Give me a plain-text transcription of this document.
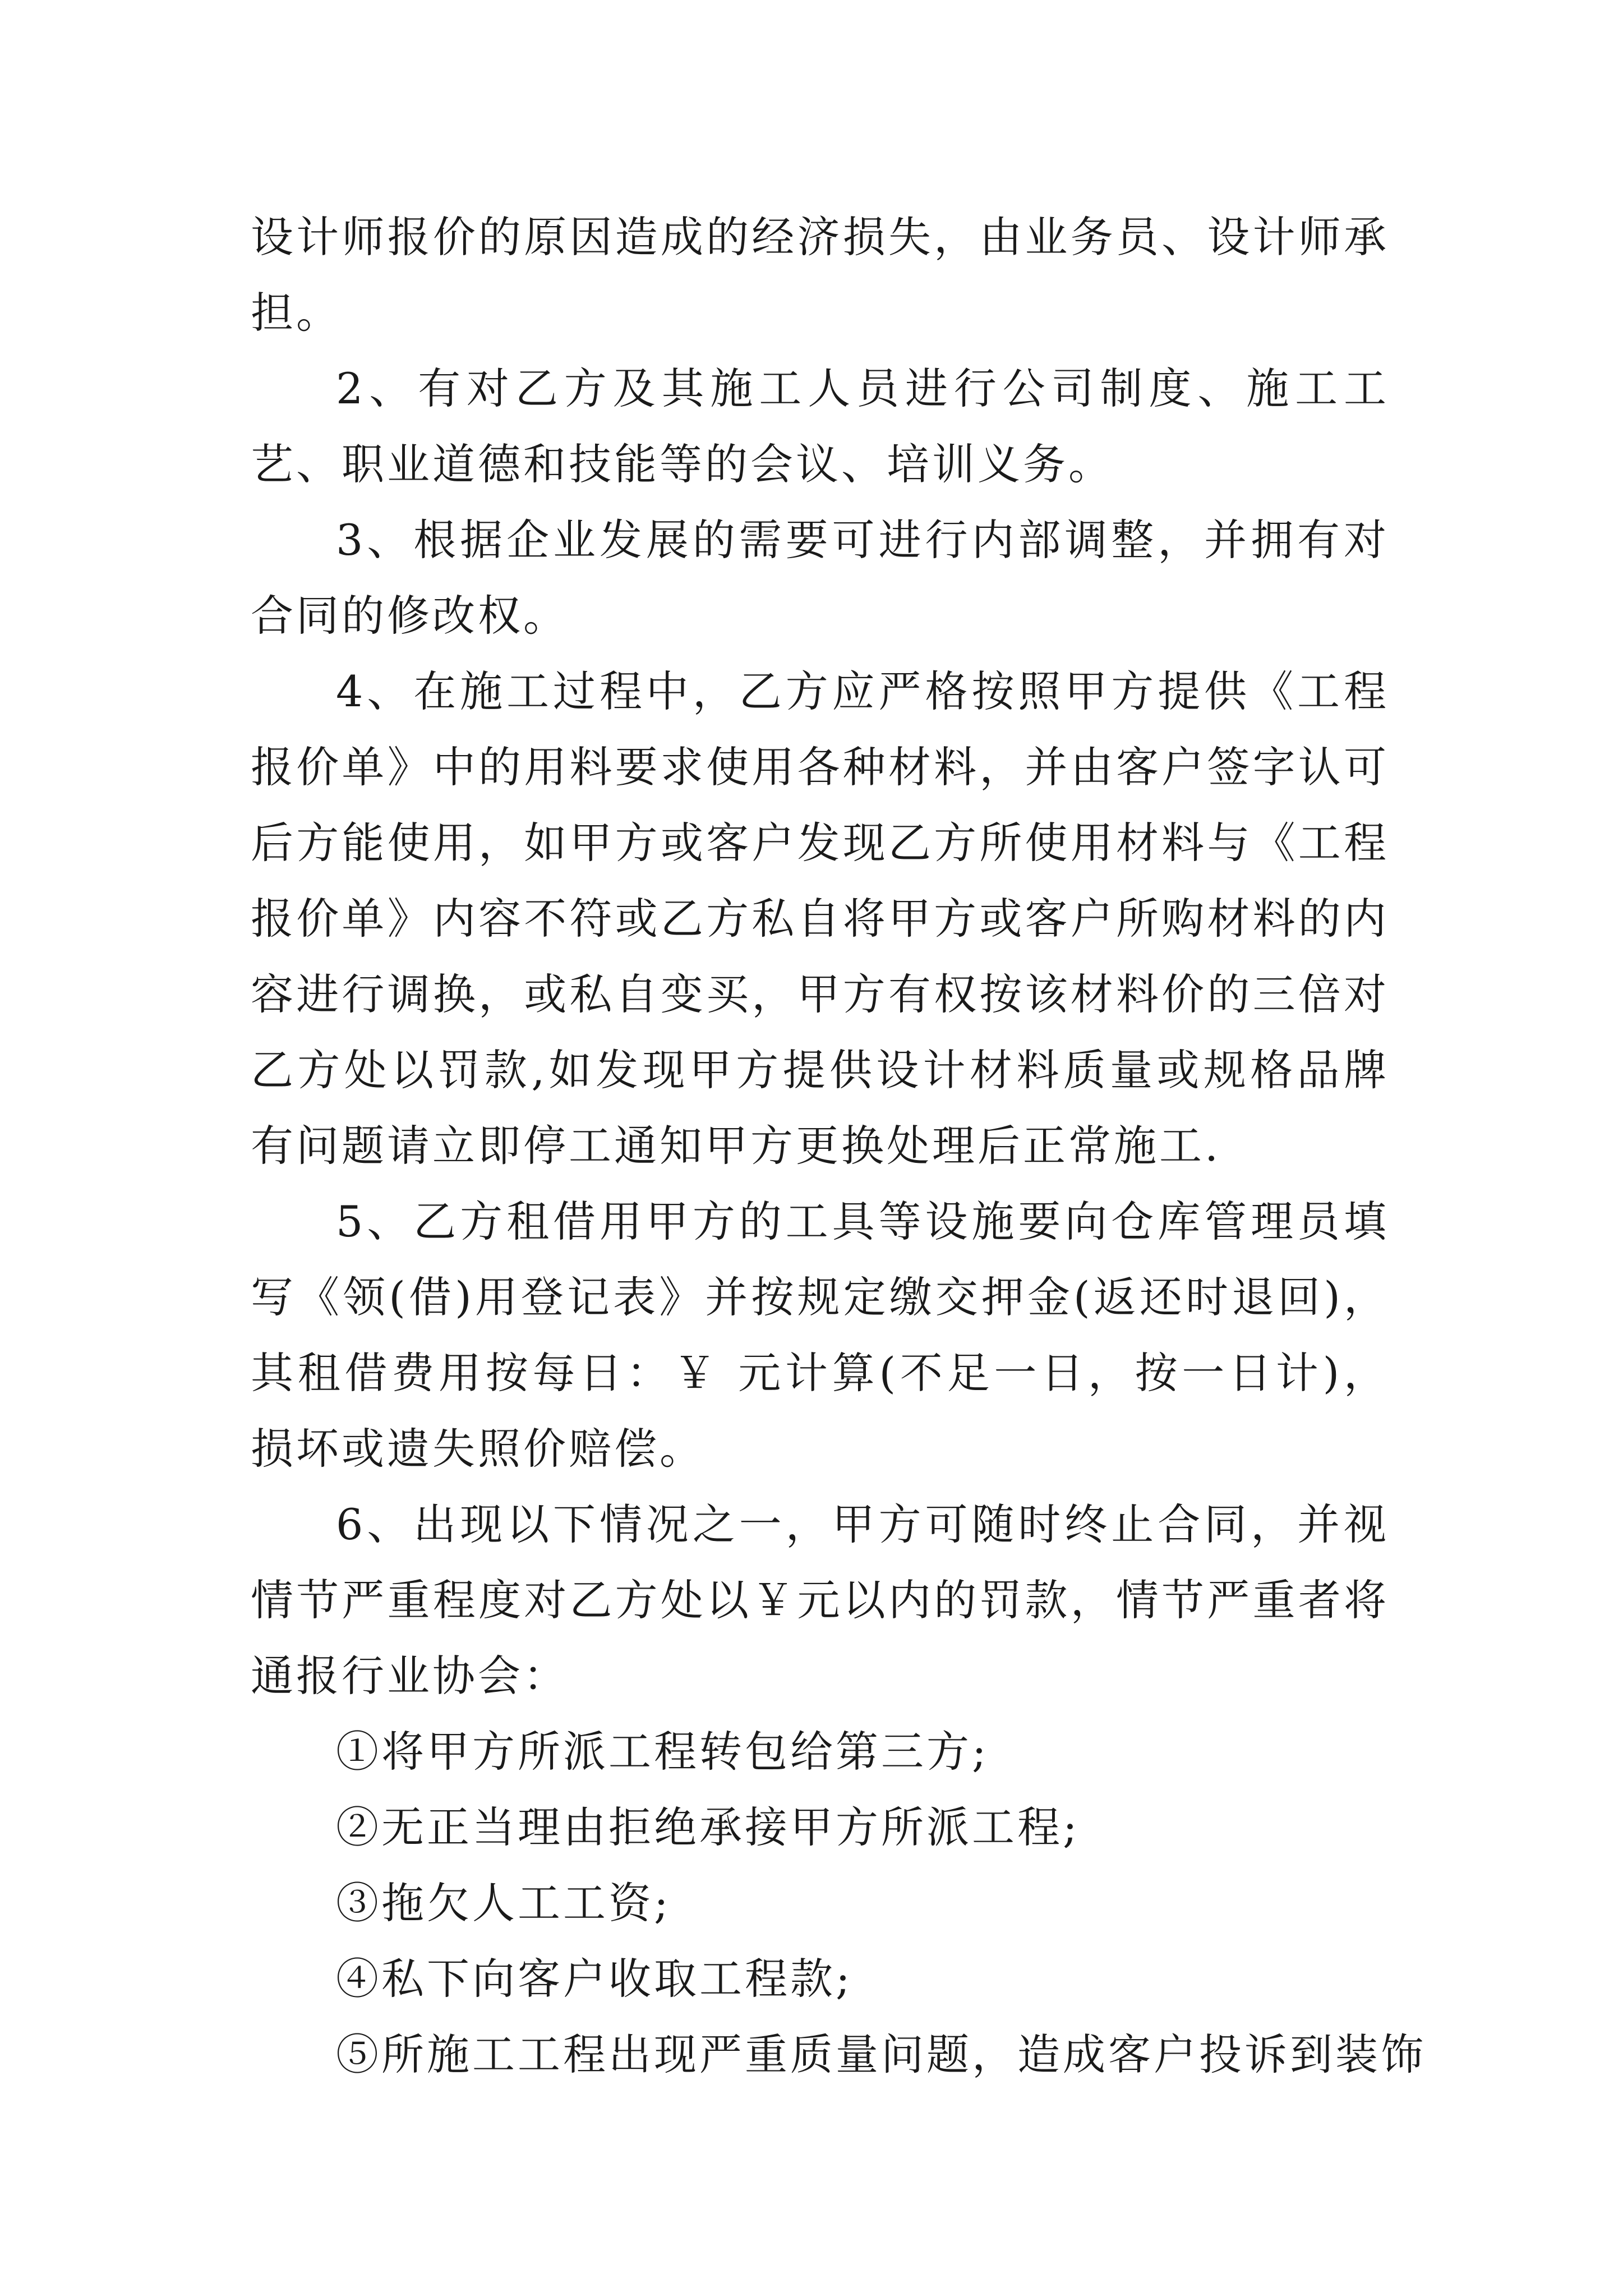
设计师报价的原因造成的经济损失，由业务员、设计师承担。

2、有对乙方及其施工人员进行公司制度、施工工艺、职业道德和技能等的会议、培训义务。

3、根据企业发展的需要可进行内部调整，并拥有对合同的修改权。

4、在施工过程中，乙方应严格按照甲方提供《工程报价单》中的用料要求使用各种材料，并由客户签字认可后方能使用，如甲方或客户发现乙方所使用材料与《工程报价单》内容不符或乙方私自将甲方或客户所购材料的内容进行调换，或私自变买，甲方有权按该材料价的三倍对乙方处以罚款,如发现甲方提供设计材料质量或规格品牌有问题请立即停工通知甲方更换处理后正常施工.

5、乙方租借用甲方的工具等设施要向仓库管理员填写《领(借)用登记表》并按规定缴交押金(返还时退回)，其租借费用按每日：￥ 元计算(不足一日，按一日计)，损坏或遗失照价赔偿。

6、出现以下情况之一，甲方可随时终止合同，并视情节严重程度对乙方处以￥元以内的罚款，情节严重者将通报行业协会：

①将甲方所派工程转包给第三方;

②无正当理由拒绝承接甲方所派工程;

③拖欠人工工资;

④私下向客户收取工程款;

⑤所施工工程出现严重质量问题，造成客户投诉到装饰
